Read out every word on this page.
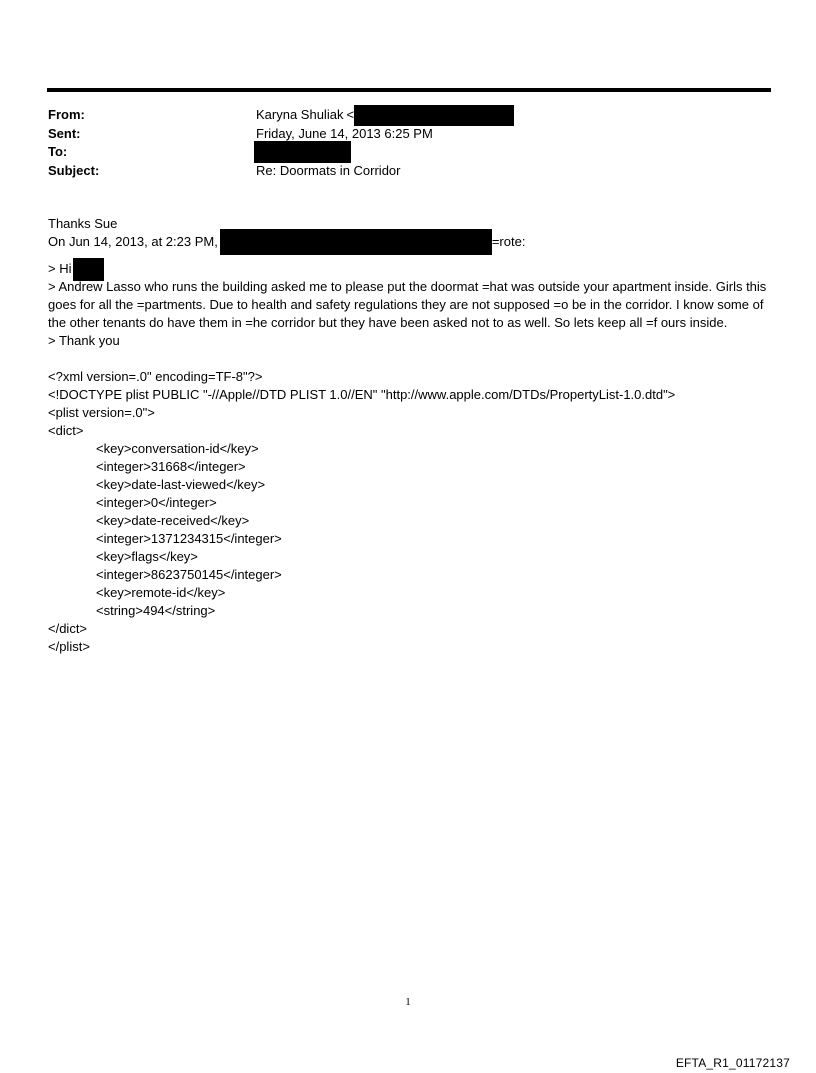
From:	Karyna Shuliak <
Sent:	Friday, June 14, 2013 6:25 PM
To:
Subject:	Re: Doormats in Corridor
Thanks Sue
On Jun 14, 2013, at 2:23 PM,	=rote:
> Hi
> Andrew Lasso who runs the building asked me to please put the doormat =hat was outside your apartment inside. Girls this goes for all the =partments. Due to health and safety regulations they are not supposed =o be in the corridor. I know some of the other tenants do have them in =he corridor but they have been asked not to as well. So lets keep all =f ours inside.
> Thank you
<?xml version=.0" encoding=TF-8"?>
<!DOCTYPE plist PUBLIC "-//Apple//DTD PLIST 1.0//EN" "http://www.apple.com/DTDs/PropertyList-1.0.dtd">
<plist version=.0">
<dict>
<key>conversation-id</key>
<integer>31668</integer>
<key>date-last-viewed</key>
<integer>0</integer>
<key>date-received</key>
<integer>1371234315</integer>
<key>flags</key>
<integer>8623750145</integer>
<key>remote-id</key>
<string>494</string>
</dict>
</plist>
1
EFTA_R1_01172137
